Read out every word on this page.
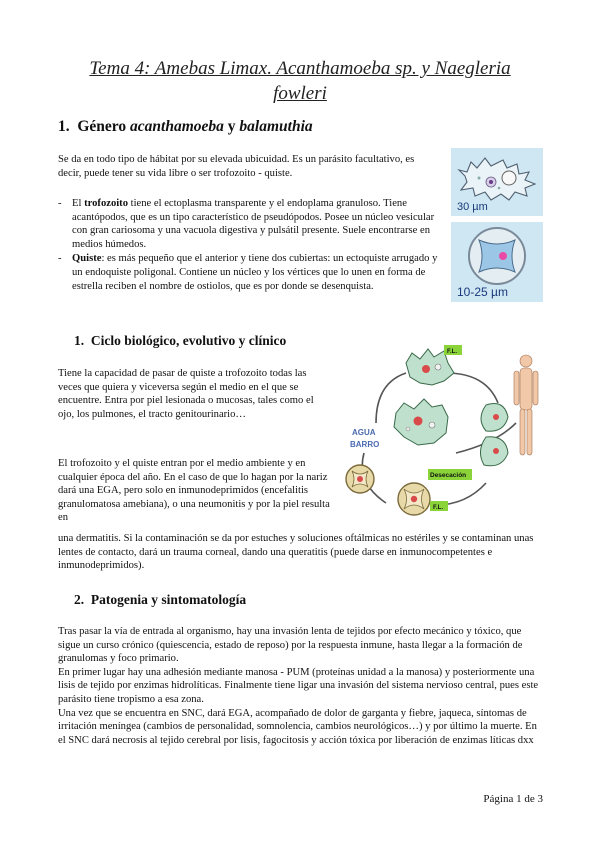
Tema 4: Amebas Limax. Acanthamoeba sp. y Naegleria
fowleri
1. Género acanthamoeba y balamuthia
Se da en todo tipo de hábitat por su elevada ubicuidad. Es un parásito facultativo, es decir, puede tener su vida libre o ser trofozoito - quiste.
- El trofozoito tiene el ectoplasma transparente y el endoplama granuloso. Tiene acantópodos, que es un tipo característico de pseudópodos. Posee un núcleo vesicular con gran cariosoma y una vacuola digestiva y pulsátil presente. Suele encontrarse en medios húmedos.
- Quiste: es más pequeño que el anterior y tiene dos cubiertas: un ectoquiste arrugado y un endoquiste poligonal. Contiene un núcleo y los vértices que lo unen en forma de estrella reciben el nombre de ostiolos, que es por donde se desenquista.
30 µm
10-25 µm
1. Ciclo biológico, evolutivo y clínico
Tiene la capacidad de pasar de quiste a trofozoito todas las veces que quiera y viceversa según el medio en el que se encuentre. Entra por piel lesionada o mucosas, tales como el ojo, los pulmones, el tracto genitourinario…
El trofozoito y el quiste entran por el medio ambiente y en cualquier época del año. En el caso de que lo hagan por la nariz dará una EGA, pero solo en inmunodeprimidos (encefalitis granulomatosa amebiana), o una neumonitis y por la piel resulta en
una dermatitis. Si la contaminación se da por estuches y soluciones oftálmicas no estériles y se contaminan unas lentes de contacto, dará un trauma corneal, dando una queratitis (puede darse en inmunocompetentes e inmunodeprimidos).
F.L.
AGUA
BARRO
Desecación
F.L.
2. Patogenia y sintomatología

Tras pasar la vía de entrada al organismo, hay una invasión lenta de tejidos por efecto mecánico y tóxico, que sigue un curso crónico (quiescencia, estado de reposo) por la respuesta inmune, hasta llegar a la formación de granulomas y foco primario.

En primer lugar hay una adhesión mediante manosa - PUM (proteínas unidad a la manosa) y posteriormente una lisis de tejido por enzimas hidrolíticas. Finalmente tiene ligar una invasión del sistema nervioso central, pues este parásito tiene tropismo a esa zona.

Una vez que se encuentra en SNC, dará EGA, acompañado de dolor de garganta y fiebre, jaqueca, síntomas de irritación meníngea (cambios de personalidad, somnolencia, cambios neurológicos…) y por último la muerte. En el SNC dará necrosis al tejido cerebral por lisis, fagocitosis y acción tóxica por liberación de enzimas líticas dxx

Página 1 de 3
